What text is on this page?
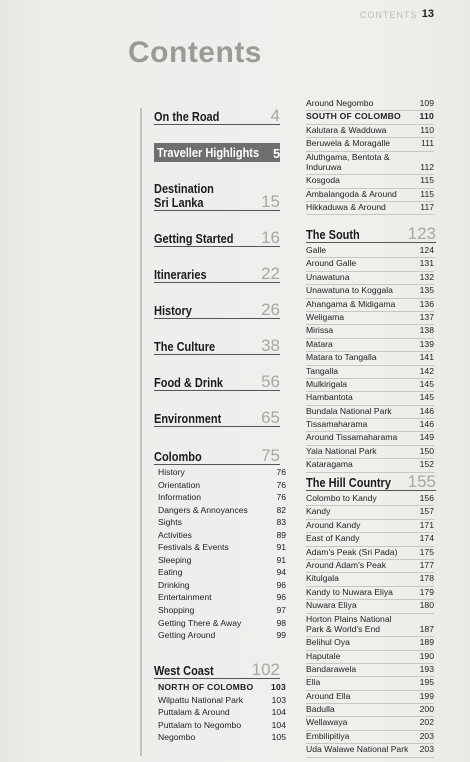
CONTENTS 13
Contents
On the Road	4
Traveller Highlights 5
Destination Sri Lanka	15
Getting Started 16
Itineraries	22
History	26
The Culture	38
Food & Drink 56
Environment 65
Colombo	75
History	76
Orientation	76
Information	76
Dangers & Annoyances	82
Sights	83
Activities	89
Festivals & Events	91
Sleeping	91
Eating	94
Drinking	96
Entertainment	96
Shopping	97
Getting There & Away	98
Getting Around	99
West Coast 102
NORTH OF COLOMBO 103
Wilpattu National Park	103
Puttalam & Around	104
Puttalam to Negombo	104
Negombo	105
Around Negombo	109
SOUTH OF COLOMBO	110
Kalutara & Wadduwa	110
Beruwela & Moragalle	111
Aluthgama, Bentota & Induruwa	112
Kosgoda	115
Ambalangoda & Around	115
Hikkaduwa & Around	117
The South	123
Galle	124
Around Galle	131
Unawatuna	132
Unawatuna to Koggala	135
Ahangama & Midigama	136
Weligama	137
Mirissa	138
Matara	139
Matara to Tangalla	141
Tangalla	142
Mulkirigala	145
Hambantota	145
Bundala National Park	146
Tissamaharama	146
Around Tissamaharama	149
Yala National Park	150
Kataragama	152
The Hill Country 155
Colombo to Kandy	156
Kandy	157
Around Kandy	171
East of Kandy	174
Adam's Peak (Sri Pada)	175
Around Adam's Peak	177
Kitulgala	178
Kandy to Nuwara Eliya	179
Nuwara Eliya	180
Horton Plains National Park & World's End	187
Belihul Oya	189
Haputale	190
Bandarawela	193
Ella	195
Around Ella	199
Badulla	200
Wellawaya	202
Embilipitiya	203
Uda Walawe National Park	203
